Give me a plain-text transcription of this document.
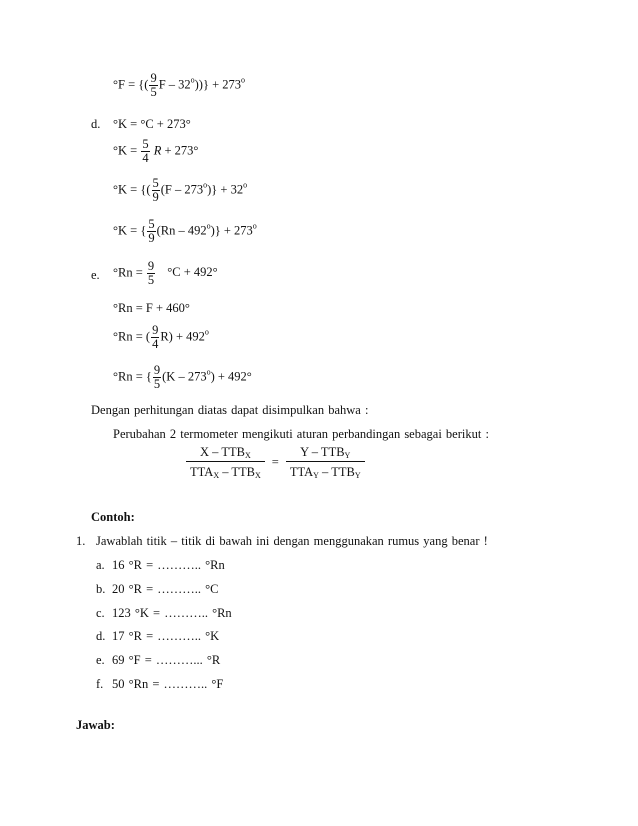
°F = {( $\frac{9}{5}$ $F - 32^o))\} + 273^o$
d. °K = °C + 273°
$^\circ K = \frac{5}{4}$ R + 273°
°K = {( $\frac{5}{9} (F - 273^o)\} + 32^o$
°K = { $\frac{5}{9} (Rn - 492^o)\} + 273^o$
e. $^\circ Rn = \frac{9}{5} ^\circ C + 492^\circ$
°Rn = F + 460°
°Rn = ( $\frac{9}{4} R) + 492^o$
°Rn = { $\frac{9}{5} (K - 273^o) + 492^\circ$
Dengan perhitungan diatas dapat disimpulkan bahwa :
Perubahan 2 termometer mengikuti aturan perbandingan sebagai berikut :
$\frac{X - TTB_X}{TTA_X - TTB_X} = \frac{Y - TTB_Y}{TTA_Y - TTB_Y}$
Contoh:
1. Jawablah titik – titik di bawah ini dengan menggunakan rumus yang benar !
a. 16 °R = ……….. °Rn
b. 20 °R = ……….. °C
c. 123 °K = ……….. °Rn
d. 17 °R = ……….. °K
e. 69 °F = ………... °R
f. 50 °Rn = ……….. °F
Jawab:
